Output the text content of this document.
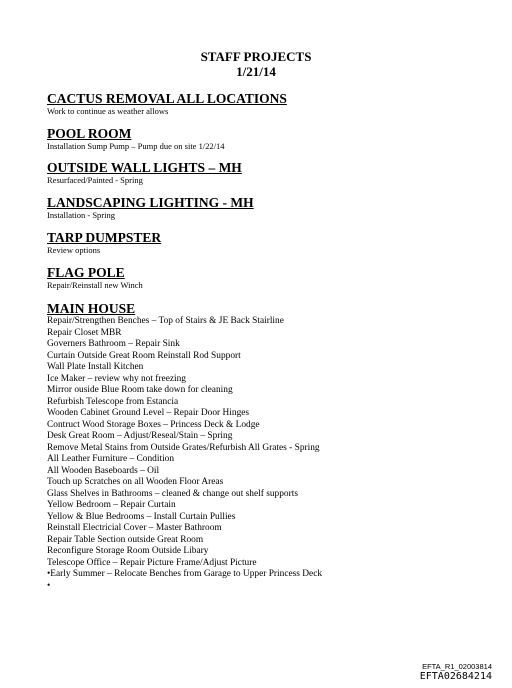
STAFF PROJECTS
1/21/14
CACTUS REMOVAL ALL LOCATIONS
Work to continue as weather allows
POOL ROOM
Installation Sump Pump – Pump due on site 1/22/14
OUTSIDE WALL LIGHTS – MH
Resurfaced/Painted - Spring
LANDSCAPING LIGHTING - MH
Installation - Spring
TARP DUMPSTER
Review options
FLAG POLE
Repair/Reinstall new Winch
MAIN HOUSE
Repair/Strengthen Benches – Top of Stairs & JE Back Stairline
Repair Closet MBR
Governers Bathroom – Repair Sink
Curtain Outside Great Room Reinstall Rod Support
Wall Plate Install Kitchen
Ice Maker – review why not freezing
Mirror ouside Blue Room take down for cleaning
Refurbish Telescope from Estancia
Wooden Cabinet Ground Level – Repair Door Hinges
Contruct Wood Storage Boxes – Princess Deck & Lodge
Desk Great Room – Adjust/Reseal/Stain – Spring
Remove Metal Stains from Outside Grates/Refurbish All Grates - Spring
All Leather Furniture – Condition
All Wooden Baseboards – Oil
Touch up Scratches on all Wooden Floor Areas
Glass Shelves in Bathrooms – cleaned & change out shelf supports
Yellow Bedroom – Repair Curtain
Yellow & Blue Bedrooms – Install Curtain Pullies
Reinstall Electricial Cover – Master Bathroom
Repair Table Section outside Great Room
Reconfigure Storage Room Outside Libary
Telescope Office – Repair Picture Frame/Adjust Picture
•Early Summer – Relocate Benches from Garage to Upper Princess Deck
•
EFTA_R1_02003814
EFTA02684214
